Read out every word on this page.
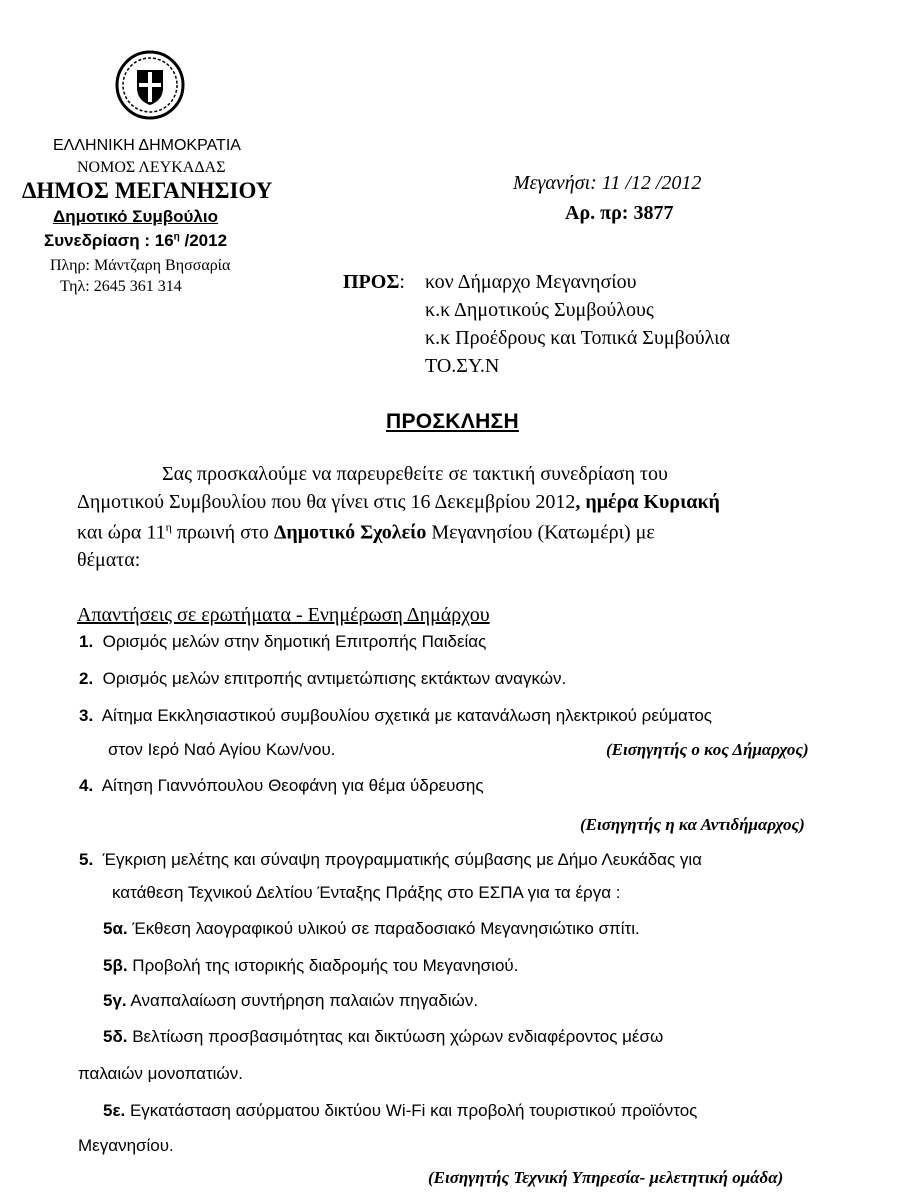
ΕΛΛΗΝΙΚΗ ΔΗΜΟΚΡΑΤΙΑ
ΝΟΜΟΣ ΛΕΥΚΑΔΑΣ
ΔΗΜΟΣ ΜΕΓΑΝΗΣΙΟΥ
Δημοτικό Συμβούλιο
Συνεδρίαση : $16^\eta$ /2012
Πληρ: Μάντζαρη Βησσαρία
Τηλ: 2645 361 314
Μεγανήσι: 11 /12 /2012
Αρ. πρ: 3877
ΠΡΟΣ: κον Δήμαρχο Μεγανησίου
κ.κ Δημοτικούς Συμβούλους
κ.κ Προέδρους και Τοπικά Συμβούλια
ΤΟ.ΣΥ.Ν
ΠΡΟΣΚΛΗΣΗ
Σας προσκαλούμε να παρευρεθείτε σε τακτική συνεδρίαση του
Δημοτικού Συμβουλίου που θα γίνει στις 16 Δεκεμβρίου 2012, ημέρα Κυριακή
και ώρα $11^\eta$ πρωινή στο Δημοτικό Σχολείο Μεγανησίου (Κατωμέρι) με
θέματα:
Απαντήσεις σε ερωτήματα - Ενημέρωση Δημάρχου
1. Ορισμός μελών στην δημοτική Επιτροπής Παιδείας
2. Ορισμός μελών επιτροπής αντιμετώπισης εκτάκτων αναγκών.
3. Αίτημα Εκκλησιαστικού συμβουλίου σχετικά με κατανάλωση ηλεκτρικού ρεύματος
στον Ιερό Ναό Αγίου Κων/νου.	(Εισηγητής ο κος Δήμαρχος)
4. Αίτηση Γιαννόπουλου Θεοφάνη για θέμα ύδρευσης
(Εισηγητής η κα Αντιδήμαρχος)
5. Έγκριση μελέτης και σύναψη προγραμματικής σύμβασης με Δήμο Λευκάδας για
κατάθεση Τεχνικού Δελτίου Ένταξης Πράξης στο ΕΣΠΑ για τα έργα :
5α. Έκθεση λαογραφικού υλικού σε παραδοσιακό Μεγανησιώτικο σπίτι.
5β. Προβολή της ιστορικής διαδρομής του Μεγανησιού.
5γ. Αναπαλαίωση συντήρηση παλαιών πηγαδιών.
5δ. Βελτίωση προσβασιμότητας και δικτύωση χώρων ενδιαφέροντος μέσω
παλαιών μονοπατιών.
5ε. Εγκατάσταση ασύρματου δικτύου Wi-Fi και προβολή τουριστικού προϊόντος
Μεγανησίου.
(Εισηγητής Τεχνική Υπηρεσία- μελετητική ομάδα)
